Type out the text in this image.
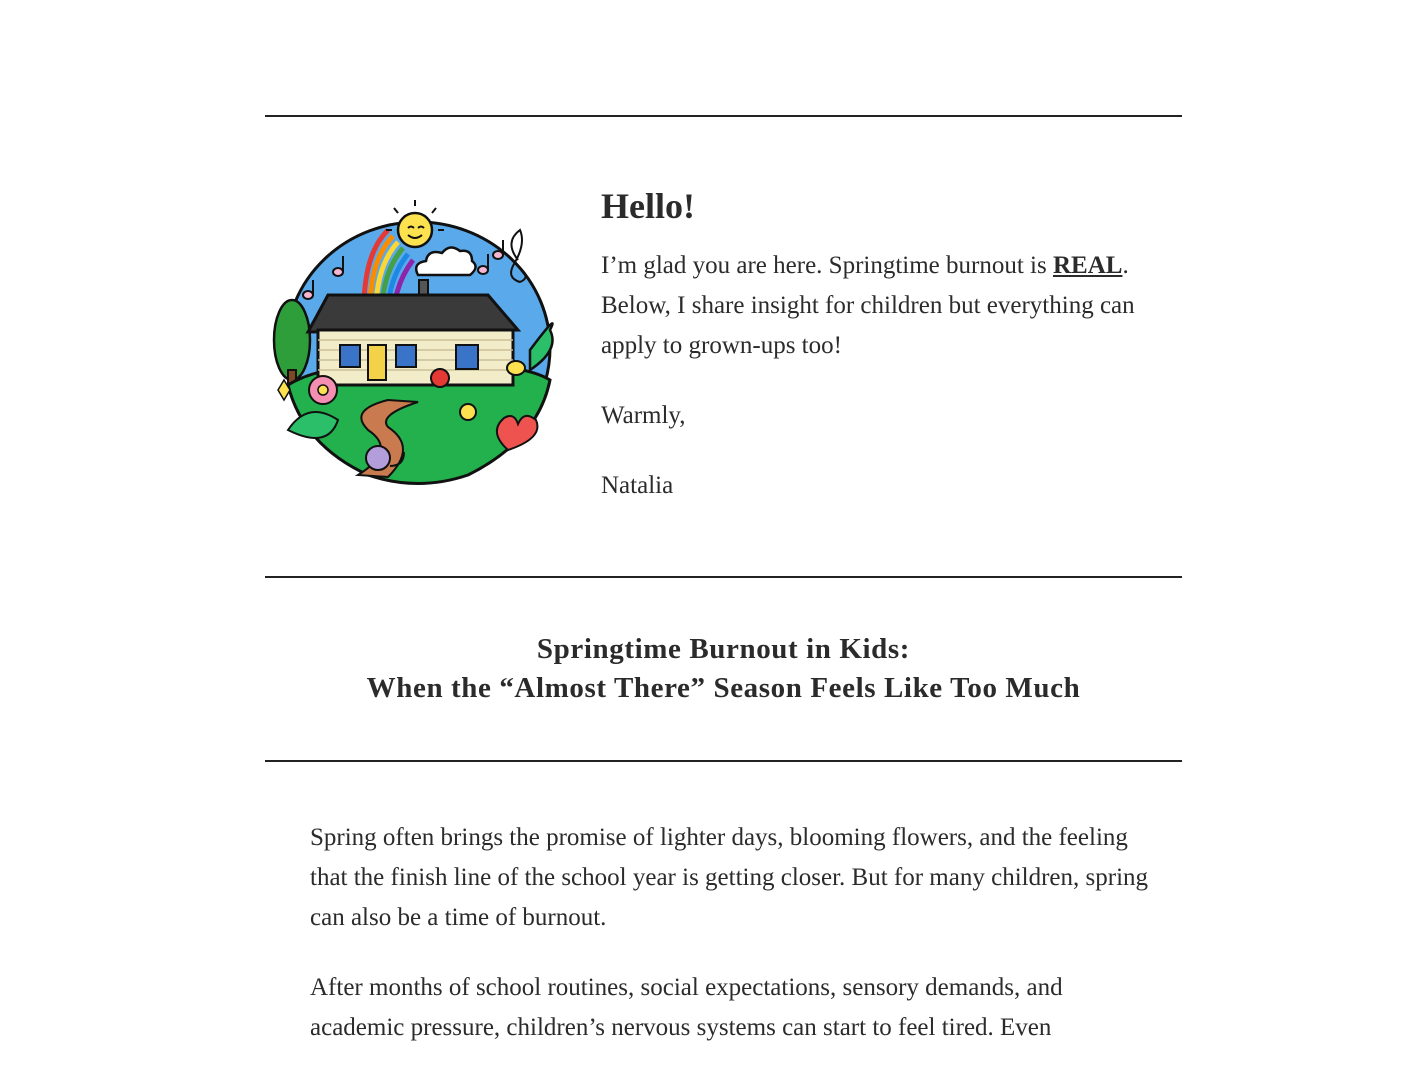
Hello!

I’m glad you are here. Springtime burnout is REAL. Below, I share insight for children but everything can apply to grown-ups too!

Warmly,

Natalia

Springtime Burnout in Kids:
When the “Almost There” Season Feels Like Too Much

Spring often brings the promise of lighter days, blooming flowers, and the feeling that the finish line of the school year is getting closer. But for many children, spring can also be a time of burnout.

After months of school routines, social expectations, sensory demands, and academic pressure, children’s nervous systems can start to feel tired. Even
